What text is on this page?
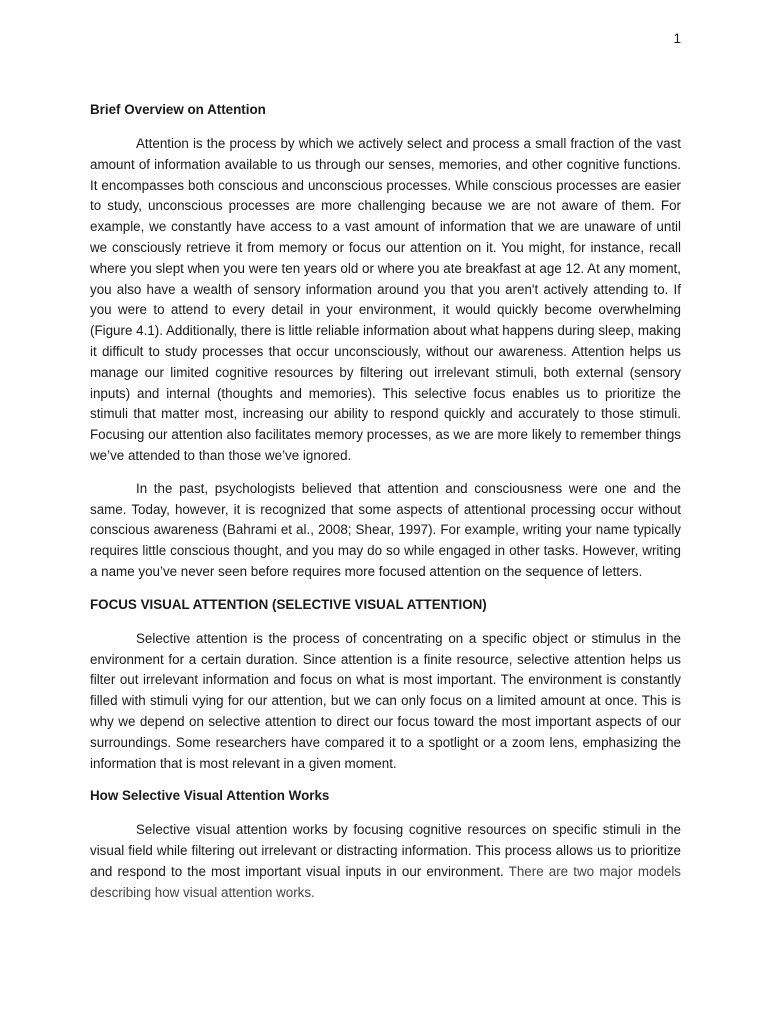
1
Brief Overview on Attention

Attention is the process by which we actively select and process a small fraction of the vast amount of information available to us through our senses, memories, and other cognitive functions. It encompasses both conscious and unconscious processes. While conscious processes are easier to study, unconscious processes are more challenging because we are not aware of them. For example, we constantly have access to a vast amount of information that we are unaware of until we consciously retrieve it from memory or focus our attention on it. You might, for instance, recall where you slept when you were ten years old or where you ate breakfast at age 12. At any moment, you also have a wealth of sensory information around you that you aren't actively attending to. If you were to attend to every detail in your environment, it would quickly become overwhelming (Figure 4.1). Additionally, there is little reliable information about what happens during sleep, making it difficult to study processes that occur unconsciously, without our awareness. Attention helps us manage our limited cognitive resources by filtering out irrelevant stimuli, both external (sensory inputs) and internal (thoughts and memories). This selective focus enables us to prioritize the stimuli that matter most, increasing our ability to respond quickly and accurately to those stimuli. Focusing our attention also facilitates memory processes, as we are more likely to remember things we’ve attended to than those we’ve ignored.

In the past, psychologists believed that attention and consciousness were one and the same. Today, however, it is recognized that some aspects of attentional processing occur without conscious awareness (Bahrami et al., 2008; Shear, 1997). For example, writing your name typically requires little conscious thought, and you may do so while engaged in other tasks. However, writing a name you’ve never seen before requires more focused attention on the sequence of letters.

FOCUS VISUAL ATTENTION (SELECTIVE VISUAL ATTENTION)

Selective attention is the process of concentrating on a specific object or stimulus in the environment for a certain duration. Since attention is a finite resource, selective attention helps us filter out irrelevant information and focus on what is most important. The environment is constantly filled with stimuli vying for our attention, but we can only focus on a limited amount at once. This is why we depend on selective attention to direct our focus toward the most important aspects of our surroundings. Some researchers have compared it to a spotlight or a zoom lens, emphasizing the information that is most relevant in a given moment.

How Selective Visual Attention Works

Selective visual attention works by focusing cognitive resources on specific stimuli in the visual field while filtering out irrelevant or distracting information. This process allows us to prioritize and respond to the most important visual inputs in our environment. There are two major models describing how visual attention works.
